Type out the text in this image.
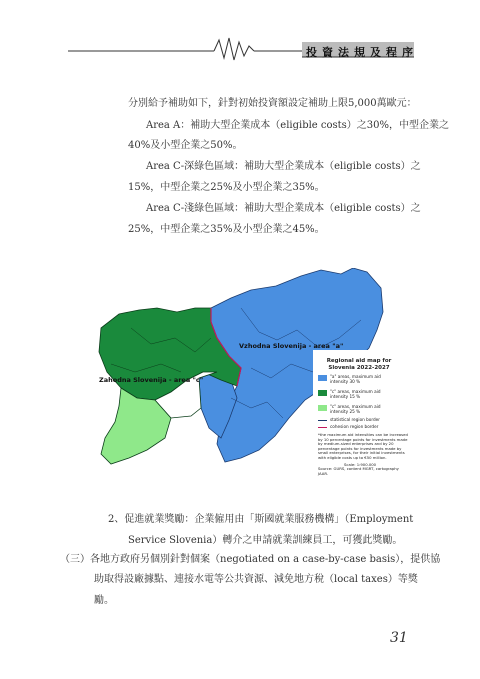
投資法規及程序
分別給予補助如下，針對初始投資額設定補助上限5,000萬歐元：
Area A：補助大型企業成本（eligible costs）之30%，中型企業之
40%及小型企業之50%。
Area C-深綠色區域：補助大型企業成本（eligible costs）之
15%，中型企業之25%及小型企業之35%。
Area C-淺綠色區域：補助大型企業成本（eligible costs）之
25%，中型企業之35%及小型企業之45%。
Vzhodna Slovenija - area "a"
Zahodna Slovenija - area "c"
Regional aid map for Slovenia 2022-2027
"a" areas, maximum aid
intensity 30 %
"c" areas, maximum aid
intensity 15 %
"c" areas, maximum aid
intensity 25 %
statistical region border
cohesion region border
*the maximum aid intensities can be increased
by 10 percentage points for investments made
by medium-sized enterprises and by 20
percentage points for investments made by
small enterprises, for their initial investments
with eligible costs up to €50 million.
Scale: 1:900.000
Source: GURS, content MGRT, cartography
JAAR.
2、促進就業獎勵：企業僱用由「斯國就業服務機構」（Employment
Service Slovenia）轉介之申請就業訓練員工，可獲此獎勵。
（三）各地方政府另個別針對個案（negotiated on a case-by-case basis），提供協
助取得設廠據點、連接水電等公共資源、減免地方稅（local taxes）等獎
勵。
31
